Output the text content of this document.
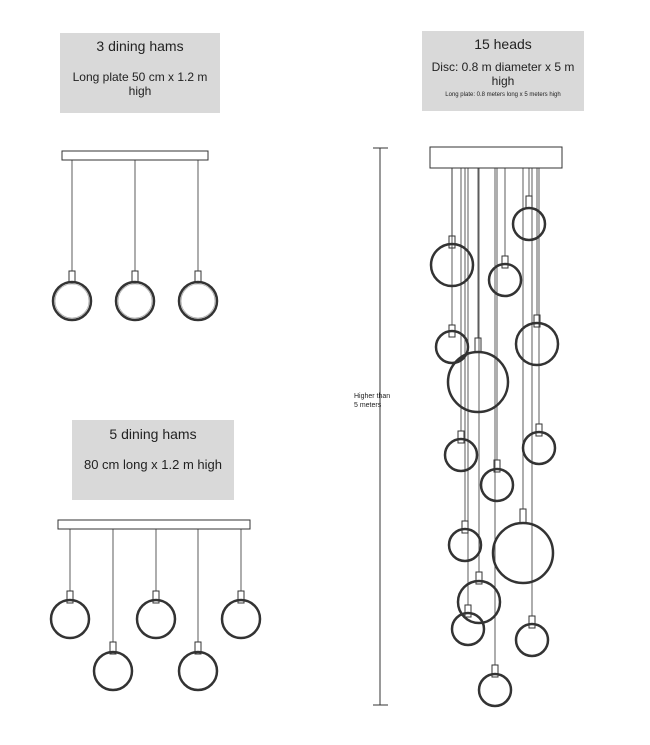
3 dining hams
Long plate 50 cm x 1.2 m high
15 heads
Disc: 0.8 m diameter x 5 m high
Long plate: 0.8 meters long x 5 meters high
5 dining hams
80 cm long x 1.2 m high
Higher than
5 meters
